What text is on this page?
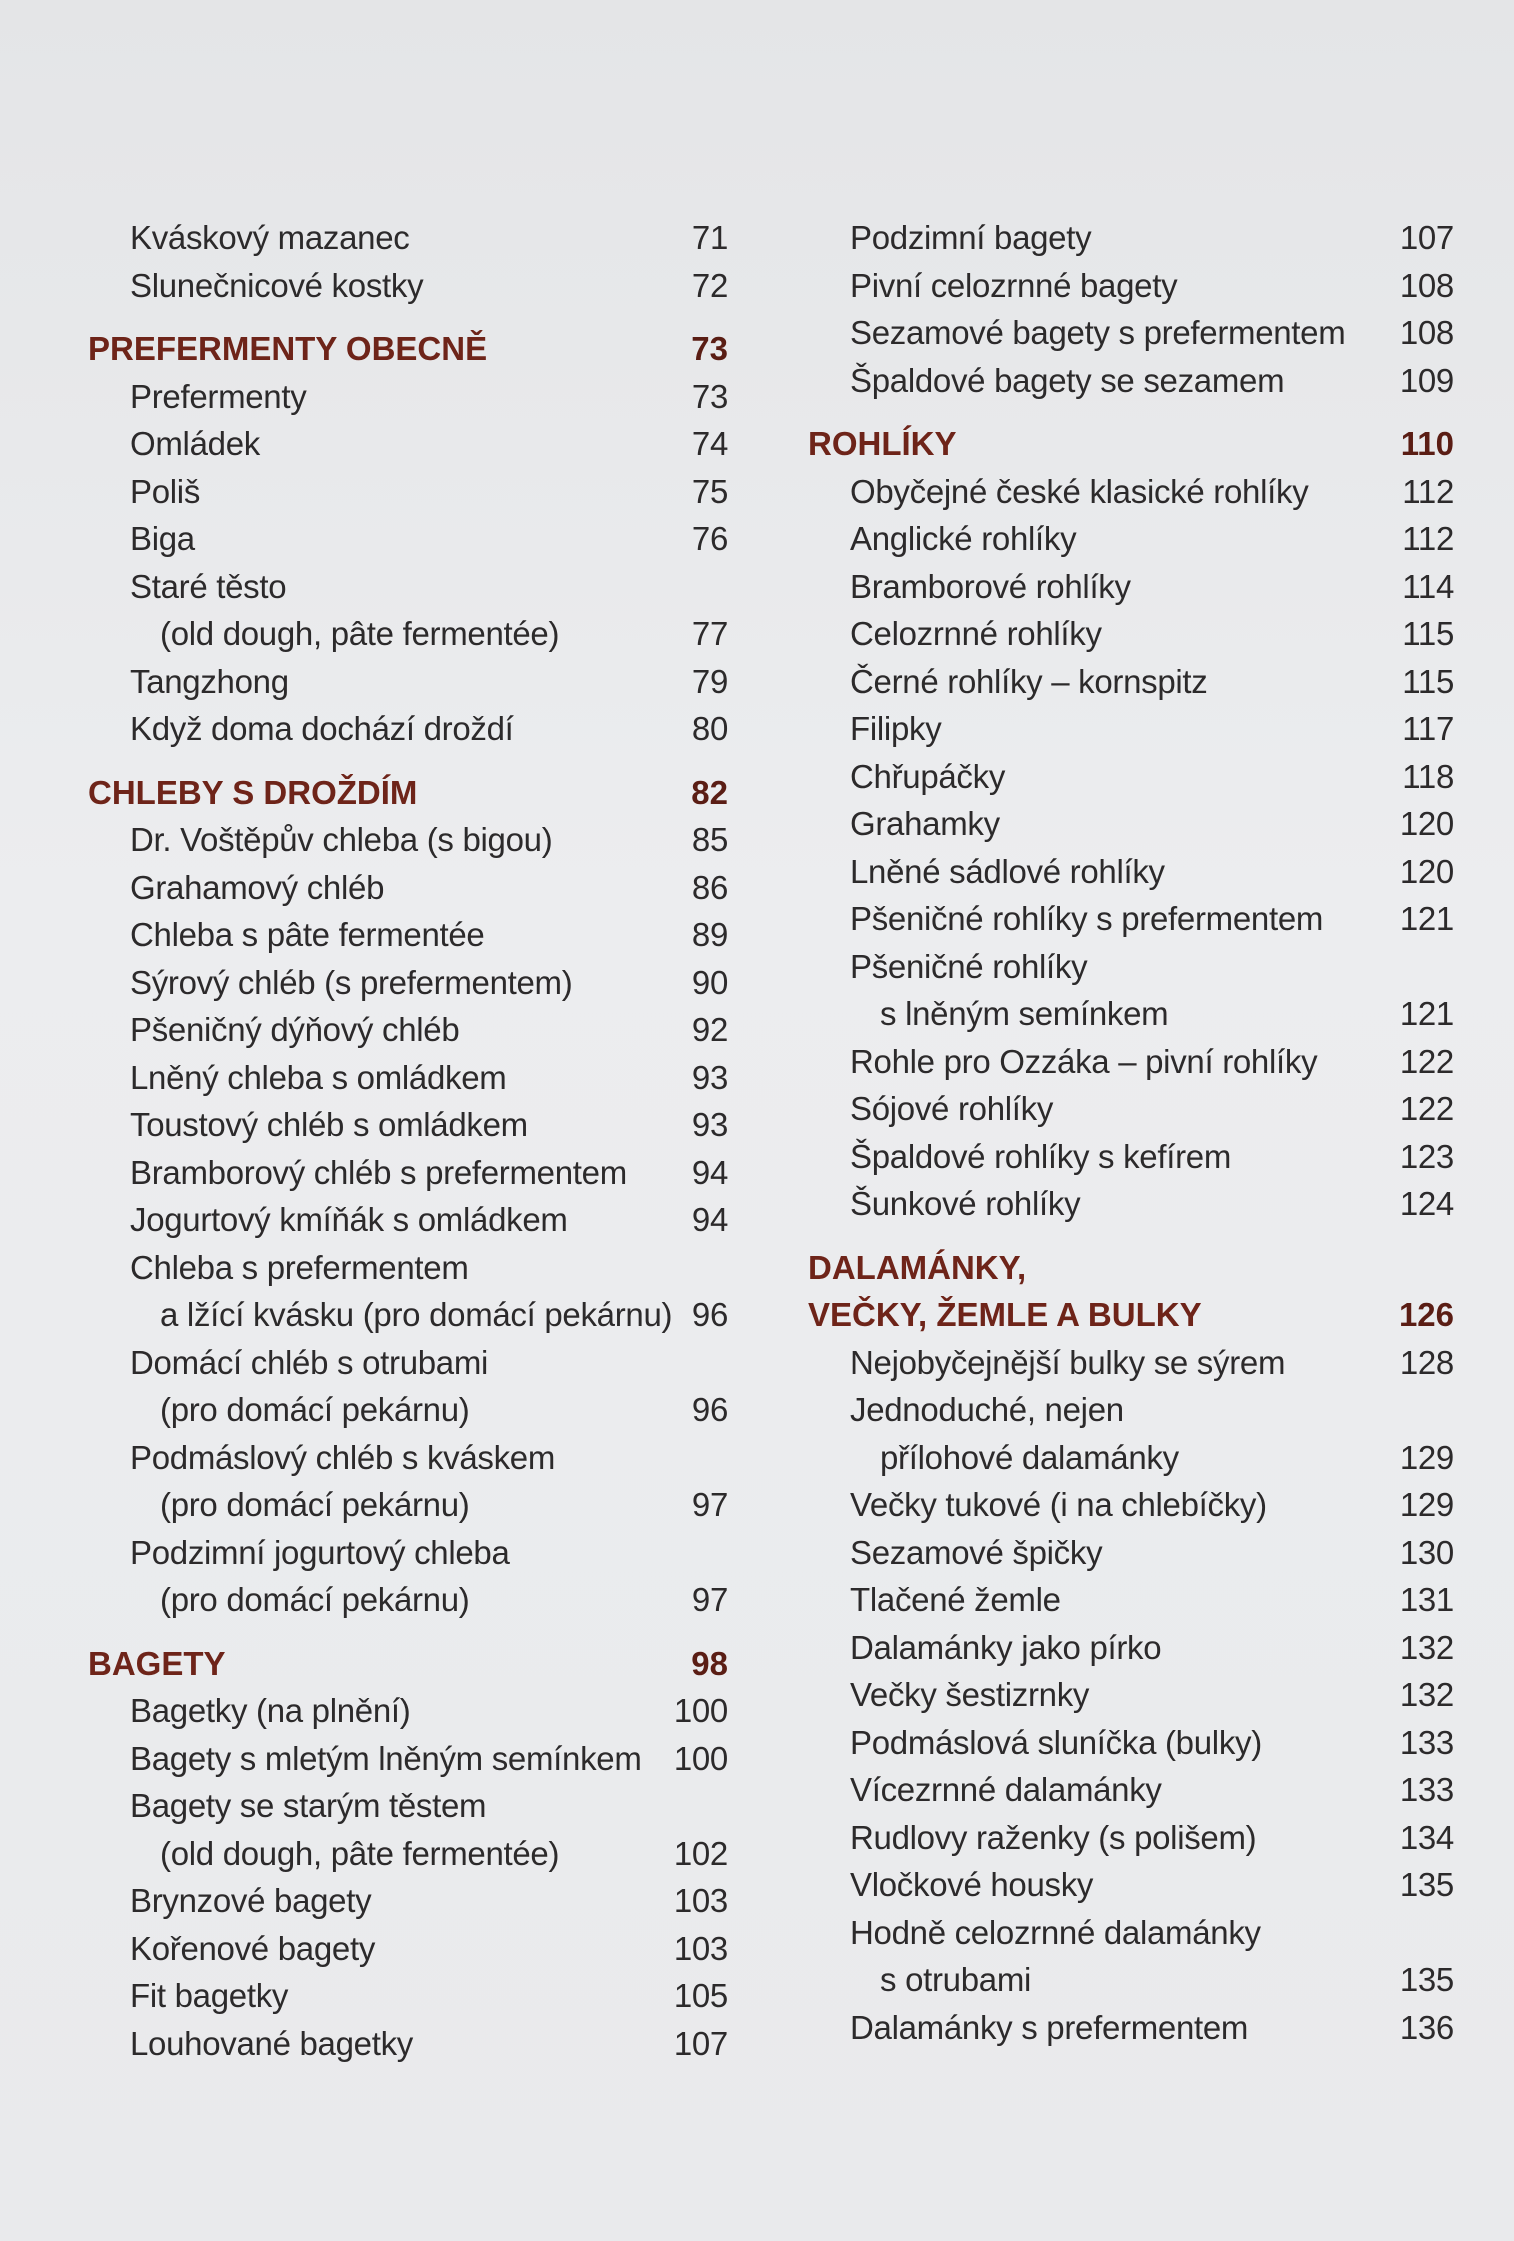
Kváskový mazanec	71
Slunečnicové kostky	72
PREFERMENTY OBECNĚ	73
Prefermenty	73
Omládek	74
Poliš	75
Biga	76
Staré těsto
(old dough, pâte fermentée)	77
Tangzhong	79
Když doma dochází droždí	80
CHLEBY S DROŽDÍM	82
Dr. Voštěpův chleba (s bigou)	85
Grahamový chléb	86
Chleba s pâte fermentée	89
Sýrový chléb (s prefermentem)	90
Pšeničný dýňový chléb	92
Lněný chleba s omládkem	93
Toustový chléb s omládkem	93
Bramborový chléb s prefermentem 94
Jogurtový kmíňák s omládkem	94
Chleba s prefermentem
a lžící kvásku (pro domácí pekárnu) 96
Domácí chléb s otrubami
(pro domácí pekárnu)	96
Podmáslový chléb s kváskem
(pro domácí pekárnu)	97
Podzimní jogurtový chleba
(pro domácí pekárnu)	97
BAGETY	98
Bagetky (na plnění)	100
Bagety s mletým lněným semínkem 100
Bagety se starým těstem
(old dough, pâte fermentée)	102
Brynzové bagety	103
Kořenové bagety	103
Fit bagetky	105
Louhované bagetky	107
Podzimní bagety	107
Pivní celozrnné bagety	108
Sezamové bagety s prefermentem 108
Špaldové bagety se sezamem	109
ROHLÍKY	110
Obyčejné české klasické rohlíky	112
Anglické rohlíky	112
Bramborové rohlíky	114
Celozrnné rohlíky	115
Černé rohlíky – kornspitz	115
Filipky	117
Chřupáčky	118
Grahamky	120
Lněné sádlové rohlíky	120
Pšeničné rohlíky s prefermentem 121
Pšeničné rohlíky
s lněným semínkem	121
Rohle pro Ozzáka – pivní rohlíky	122
Sójové rohlíky	122
Špaldové rohlíky s kefírem	123
Šunkové rohlíky	124
DALAMÁNKY,
VEČKY, ŽEMLE A BULKY	126
Nejobyčejnější bulky se sýrem	128
Jednoduché, nejen
přílohové dalamánky	129
Večky tukové (i na chlebíčky)	129
Sezamové špičky	130
Tlačené žemle	131
Dalamánky jako pírko	132
Večky šestizrnky	132
Podmáslová sluníčka (bulky)	133
Vícezrnné dalamánky	133
Rudlovy raženky (s polišem)	134
Vločkové housky	135
Hodně celozrnné dalamánky
s otrubami	135
Dalamánky s prefermentem	136
